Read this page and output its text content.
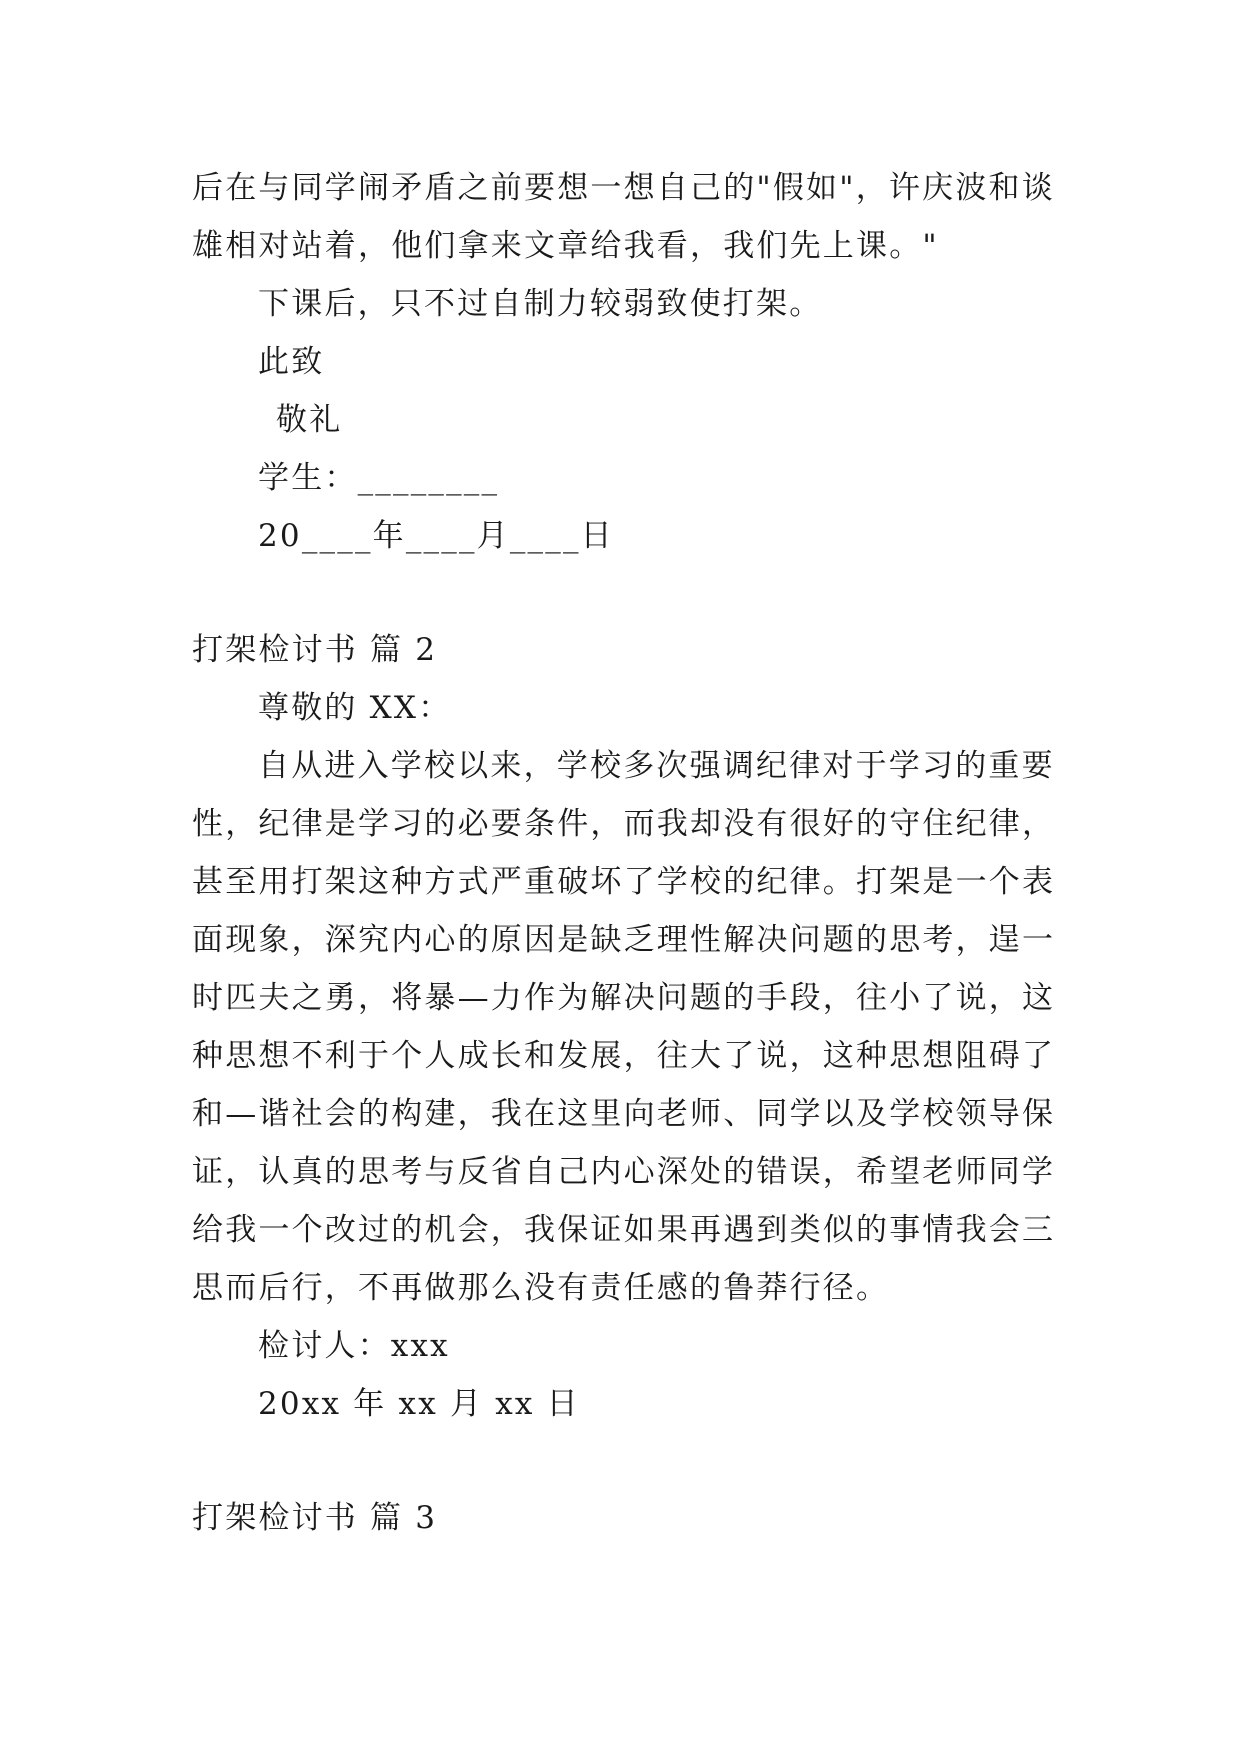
后在与同学闹矛盾之前要想一想自己的"假如"，许庆波和谈
雄相对站着，他们拿来文章给我看，我们先上课。"
下课后，只不过自制力较弱致使打架。
此致
敬礼
学生：________
20____年____月____日
打架检讨书 篇 2
尊敬的 XX：
自从进入学校以来，学校多次强调纪律对于学习的重要
性，纪律是学习的必要条件，而我却没有很好的守住纪律，
甚至用打架这种方式严重破坏了学校的纪律。打架是一个表
面现象，深究内心的原因是缺乏理性解决问题的思考，逞一
时匹夫之勇，将暴—力作为解决问题的手段，往小了说，这
种思想不利于个人成长和发展，往大了说，这种思想阻碍了
和—谐社会的构建，我在这里向老师、同学以及学校领导保
证，认真的思考与反省自己内心深处的错误，希望老师同学
给我一个改过的机会，我保证如果再遇到类似的事情我会三
思而后行，不再做那么没有责任感的鲁莽行径。
检讨人：xxx
20xx 年 xx 月 xx 日
打架检讨书 篇 3
